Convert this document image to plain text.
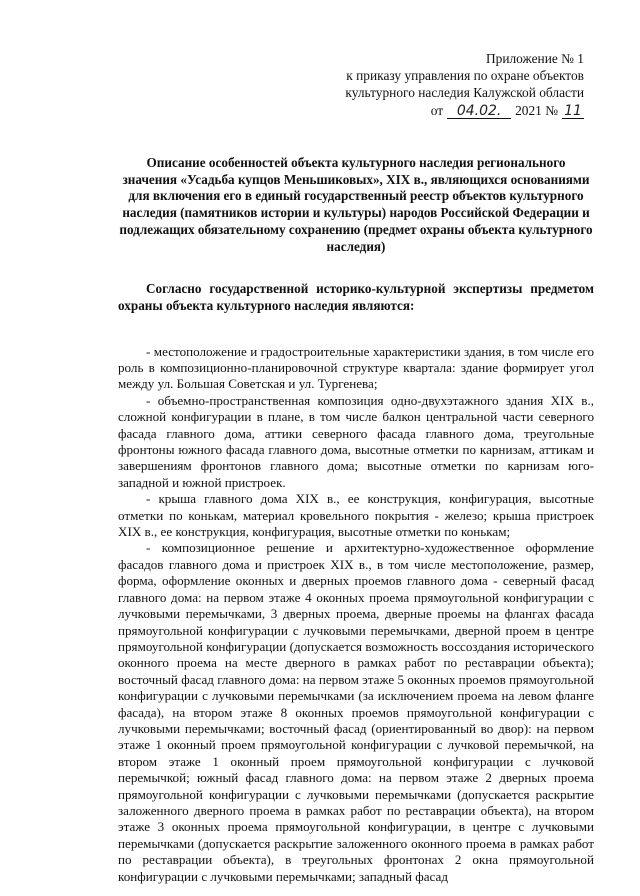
Приложение № 1
к приказу управления по охране объектов
культурного наследия Калужской области
от 04.02.	2021 № 11
Описание особенностей объекта культурного наследия регионального значения «Усадьба купцов Меньшиковых», XIX в., являющихся основаниями для включения его в единый государственный реестр объектов культурного наследия (памятников истории и культуры) народов Российской Федерации и подлежащих обязательному сохранению (предмет охраны объекта культурного наследия)
Согласно государственной историко-культурной экспертизы предметом охраны объекта культурного наследия являются:

- местоположение и градостроительные характеристики здания, в том числе его роль в композиционно-планировочной структуре квартала: здание формирует угол между ул. Большая Советская и ул. Тургенева;

- объемно-пространственная композиция одно-двухэтажного здания XIX в., сложной конфигурации в плане, в том числе балкон центральной части северного фасада главного дома, аттики северного фасада главного дома, треугольные фронтоны южного фасада главного дома, высотные отметки по карнизам, аттикам и завершениям фронтонов главного дома; высотные отметки по карнизам юго-западной и южной пристроек.

- крыша главного дома XIX в., ее конструкция, конфигурация, высотные отметки по конькам, материал кровельного покрытия - железо; крыша пристроек XIX в., ее конструкция, конфигурация, высотные отметки по конькам;

- композиционное решение и архитектурно-художественное оформление фасадов главного дома и пристроек XIX в., в том числе местоположение, размер, форма, оформление оконных и дверных проемов главного дома - северный фасад главного дома: на первом этаже 4 оконных проема прямоугольной конфигурации с лучковыми перемычками, 3 дверных проема, дверные проемы на флангах фасада прямоугольной конфигурации с лучковыми перемычками, дверной проем в центре прямоугольной конфигурации (допускается возможность воссоздания исторического оконного проема на месте дверного в рамках работ по реставрации объекта); восточный фасад главного дома: на первом этаже 5 оконных проемов прямоугольной конфигурации с лучковыми перемычками (за исключением проема на левом фланге фасада), на втором этаже 8 оконных проемов прямоугольной конфигурации с лучковыми перемычками; восточный фасад (ориентированный во двор): на первом этаже 1 оконный проем прямоугольной конфигурации с лучковой перемычкой, на втором этаже 1 оконный проем прямоугольной конфигурации с лучковой перемычкой; южный фасад главного дома: на первом этаже 2 дверных проема прямоугольной конфигурации с лучковыми перемычками (допускается раскрытие заложенного дверного проема в рамках работ по реставрации объекта), на втором этаже 3 оконных проема прямоугольной конфигурации, в центре с лучковыми перемычками (допускается раскрытие заложенного оконного проема в рамках работ по реставрации объекта), в треугольных фронтонах 2 окна прямоугольной конфигурации с лучковыми перемычками; западный фасад
